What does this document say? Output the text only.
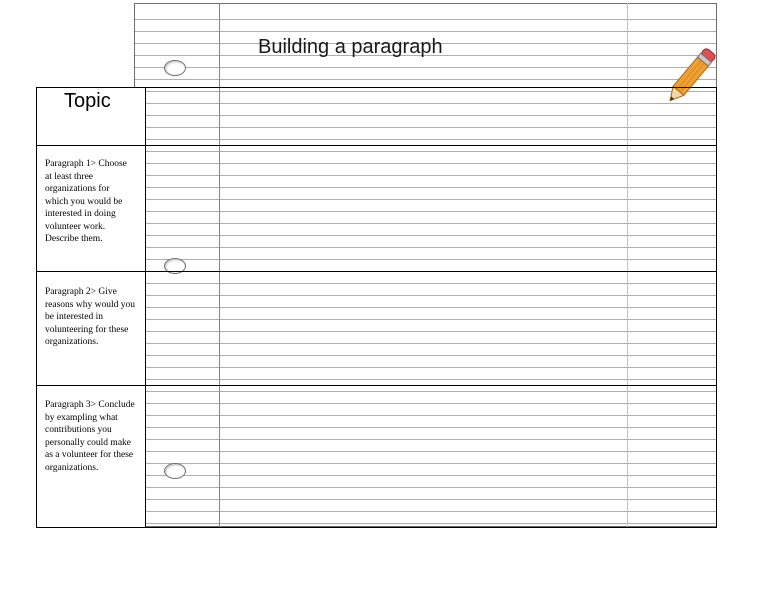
Building a paragraph
Topic
Paragraph 1> Choose at least three organizations for which you would be interested in doing volunteer work. Describe them.
Paragraph 2> Give reasons why would you be interested in volunteering for these organizations.
Paragraph 3> Conclude by exampling what contributions you personally could make as a volunteer for these organizations.
